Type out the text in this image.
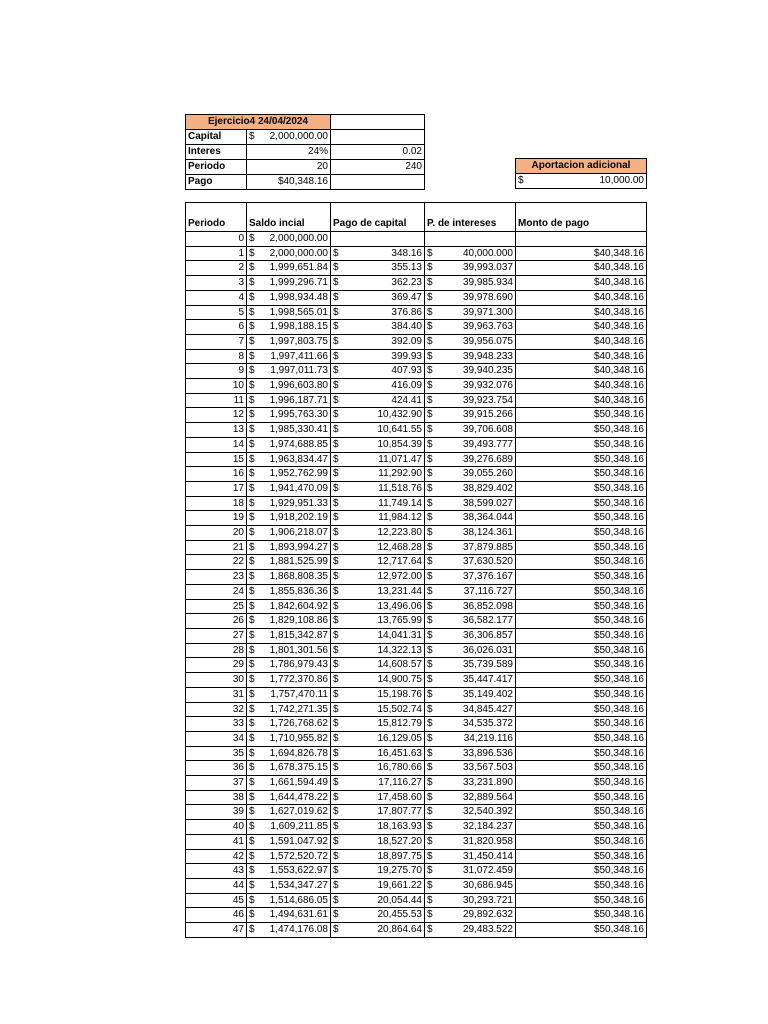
Ejercicio4 24/04/2024		
Capital	$ 2,000,000.00	

Interes	24%	0.02
Periodo	20	240
Pago	$40,348.16	
Aportacion adicional

$	10,000.00
Periodo	Saldo incial	Pago de capital	P. de intereses	Monto de pago
0	$ 2,000,000.00			

1	$ 2,000,000.00	$ 348.16	$ 40,000.000	$40,348.16
2	$ 1,999,651.84	$ 355.13	$ 39,993.037	$40,348.16
3	$ 1,999,296.71	$ 362.23	$ 39,985.934	$40,348.16
4	$ 1,998,934.48	$ 369.47	$ 39,978.690	$40,348.16
5	$ 1,998,565.01	$ 376.86	$ 39,971.300	$40,348.16
6	$ 1,998,188.15	$ 384.40	$ 39,963.763	$40,348.16
7	$ 1,997,803.75	$ 392.09	$ 39,956.075	$40,348.16
8	$ 1,997,411.66	$ 399.93	$ 39,948.233	$40,348.16
9	$ 1,997,011.73	$ 407.93	$ 39,940.235	$40,348.16
10	$ 1,996,603.80	$ 416.09	$ 39,932.076	$40,348.16
11	$ 1,996,187.71	$ 424.41	$ 39,923.754	$40,348.16
12	$ 1,995,763.30	$ 10,432.90	$ 39,915.266	$50,348.16
13	$ 1,985,330.41	$ 10,641.55	$ 39,706.608	$50,348.16
14	$ 1,974,688.85	$ 10,854.39	$ 39,493.777	$50,348.16
15	$ 1,963,834.47	$ 11,071.47	$ 39,276.689	$50,348.16
16	$ 1,952,762.99	$ 11,292.90	$ 39,055.260	$50,348.16
17	$ 1,941,470.09	$ 11,518.76	$ 38,829.402	$50,348.16
18	$ 1,929,951.33	$ 11,749.14	$ 38,599.027	$50,348.16
19	$ 1,918,202.19	$ 11,984.12	$ 38,364.044	$50,348.16
20	$ 1,906,218.07	$ 12,223.80	$ 38,124.361	$50,348.16
21	$ 1,893,994.27	$ 12,468.28	$ 37,879.885	$50,348.16
22	$ 1,881,525.99	$ 12,717.64	$ 37,630.520	$50,348.16
23	$ 1,868,808.35	$ 12,972.00	$ 37,376.167	$50,348.16
24	$ 1,855,836.36	$ 13,231.44	$ 37,116.727	$50,348.16
25	$ 1,842,604.92	$ 13,496.06	$ 36,852.098	$50,348.16
26	$ 1,829,108.86	$ 13,765.99	$ 36,582.177	$50,348.16
27	$ 1,815,342.87	$ 14,041.31	$ 36,306.857	$50,348.16
28	$ 1,801,301.56	$ 14,322.13	$ 36,026.031	$50,348.16
29	$ 1,786,979.43	$ 14,608.57	$ 35,739.589	$50,348.16
30	$ 1,772,370.86	$ 14,900.75	$ 35,447.417	$50,348.16
31	$ 1,757,470.11	$ 15,198.76	$ 35,149.402	$50,348.16
32	$ 1,742,271.35	$ 15,502.74	$ 34,845.427	$50,348.16
33	$ 1,726,768.62	$ 15,812.79	$ 34,535.372	$50,348.16
34	$ 1,710,955.82	$ 16,129.05	$ 34,219.116	$50,348.16
35	$ 1,694,826.78	$ 16,451.63	$ 33,896.536	$50,348.16
36	$ 1,678,375.15	$ 16,780.66	$ 33,567.503	$50,348.16
37	$ 1,661,594.49	$ 17,116.27	$ 33,231.890	$50,348.16
38	$ 1,644,478.22	$ 17,458.60	$ 32,889.564	$50,348.16
39	$ 1,627,019.62	$ 17,807.77	$ 32,540.392	$50,348.16
40	$ 1,609,211.85	$ 18,163.93	$ 32,184.237	$50,348.16
41	$ 1,591,047.92	$ 18,527.20	$ 31,820.958	$50,348.16
42	$ 1,572,520.72	$ 18,897.75	$ 31,450.414	$50,348.16
43	$ 1,553,622.97	$ 19,275.70	$ 31,072.459	$50,348.16
44	$ 1,534,347.27	$ 19,661.22	$ 30,686.945	$50,348.16
45	$ 1,514,686.05	$ 20,054.44	$ 30,293.721	$50,348.16
46	$ 1,494,631.61	$ 20,455.53	$ 29,892.632	$50,348.16
47	$ 1,474,176.08	$ 20,864.64	$ 29,483.522	$50,348.16
